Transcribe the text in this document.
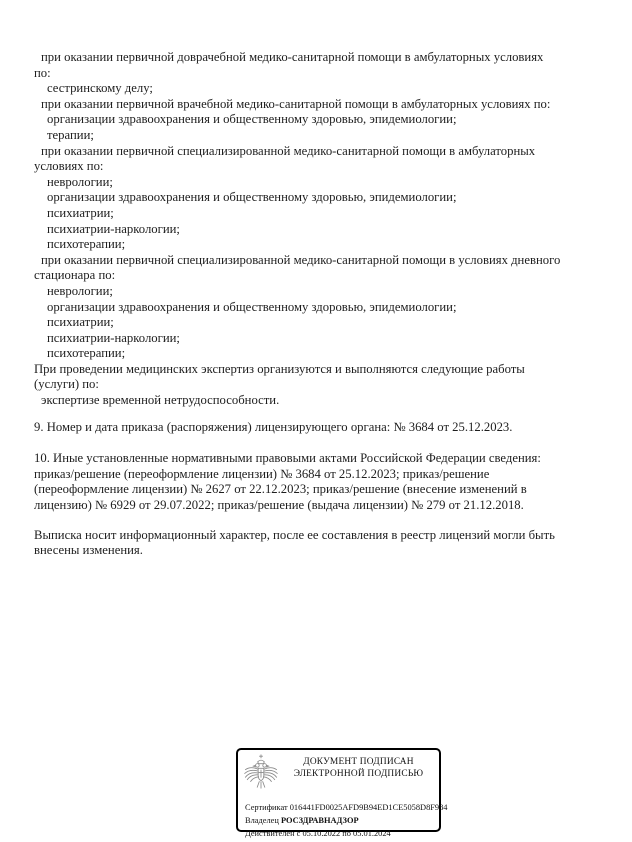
при оказании первичной доврачебной медико-санитарной помощи в амбулаторных условиях
по:
сестринскому делу;
при оказании первичной врачебной медико-санитарной помощи в амбулаторных условиях по:
организации здравоохранения и общественному здоровью, эпидемиологии;
терапии;
при оказании первичной специализированной медико-санитарной помощи в амбулаторных
условиях по:
неврологии;
организации здравоохранения и общественному здоровью, эпидемиологии;
психиатрии;
психиатрии-наркологии;
психотерапии;
при оказании первичной специализированной медико-санитарной помощи в условиях дневного
стационара по:
неврологии;
организации здравоохранения и общественному здоровью, эпидемиологии;
психиатрии;
психиатрии-наркологии;
психотерапии;
При проведении медицинских экспертиз организуются и выполняются следующие работы
(услуги) по:
экспертизе временной нетрудоспособности.
9. Номер и дата приказа (распоряжения) лицензирующего органа: № 3684 от 25.12.2023.
10. Иные установленные нормативными правовыми актами Российской Федерации сведения:
приказ/решение (переоформление лицензии) № 3684 от 25.12.2023; приказ/решение
(переоформление лицензии) № 2627 от 22.12.2023; приказ/решение (внесение изменений в
лицензию) № 6929 от 29.07.2022; приказ/решение (выдача лицензии) № 279 от 21.12.2018.
Выписка носит информационный характер, после ее составления в реестр лицензий могли быть
внесены изменения.
ДОКУМЕНТ ПОДПИСАН
ЭЛЕКТРОННОЙ ПОДПИСЬЮ
Сертификат 016441FD0025AFD9B94ED1CE5058D8F984
Владелец РОСЗДРАВНАДЗОР
Действителен с 05.10.2022 по 05.01.2024
